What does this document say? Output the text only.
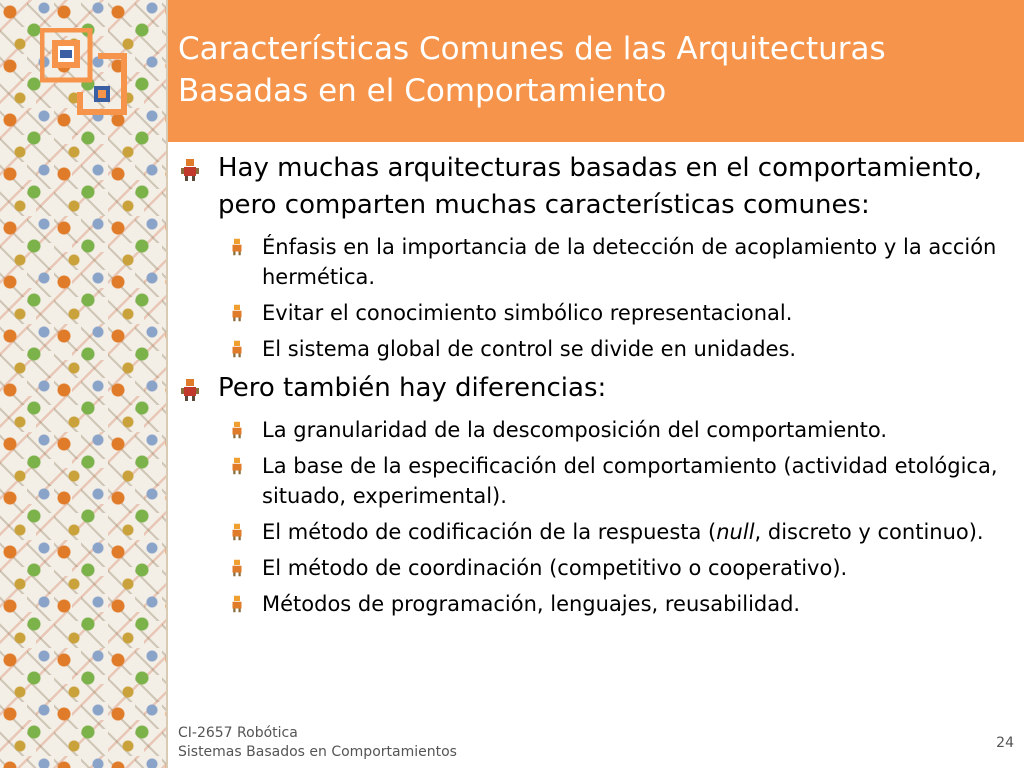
Características Comunes de las Arquitecturas
Basadas en el Comportamiento
Hay muchas arquitecturas basadas en el comportamiento, pero comparten muchas características comunes:
Énfasis en la importancia de la detección de acoplamiento y la acción hermética.
Evitar el conocimiento simbólico representacional.
El sistema global de control se divide en unidades.
Pero también hay diferencias:
La granularidad de la descomposición del comportamiento.
La base de la especificación del comportamiento (actividad etológica, situado, experimental).
El método de codificación de la respuesta (null, discreto y continuo).
El método de coordinación (competitivo o cooperativo).
Métodos de programación, lenguajes, reusabilidad.
CI-2657 Robótica
Sistemas Basados en Comportamientos
24
